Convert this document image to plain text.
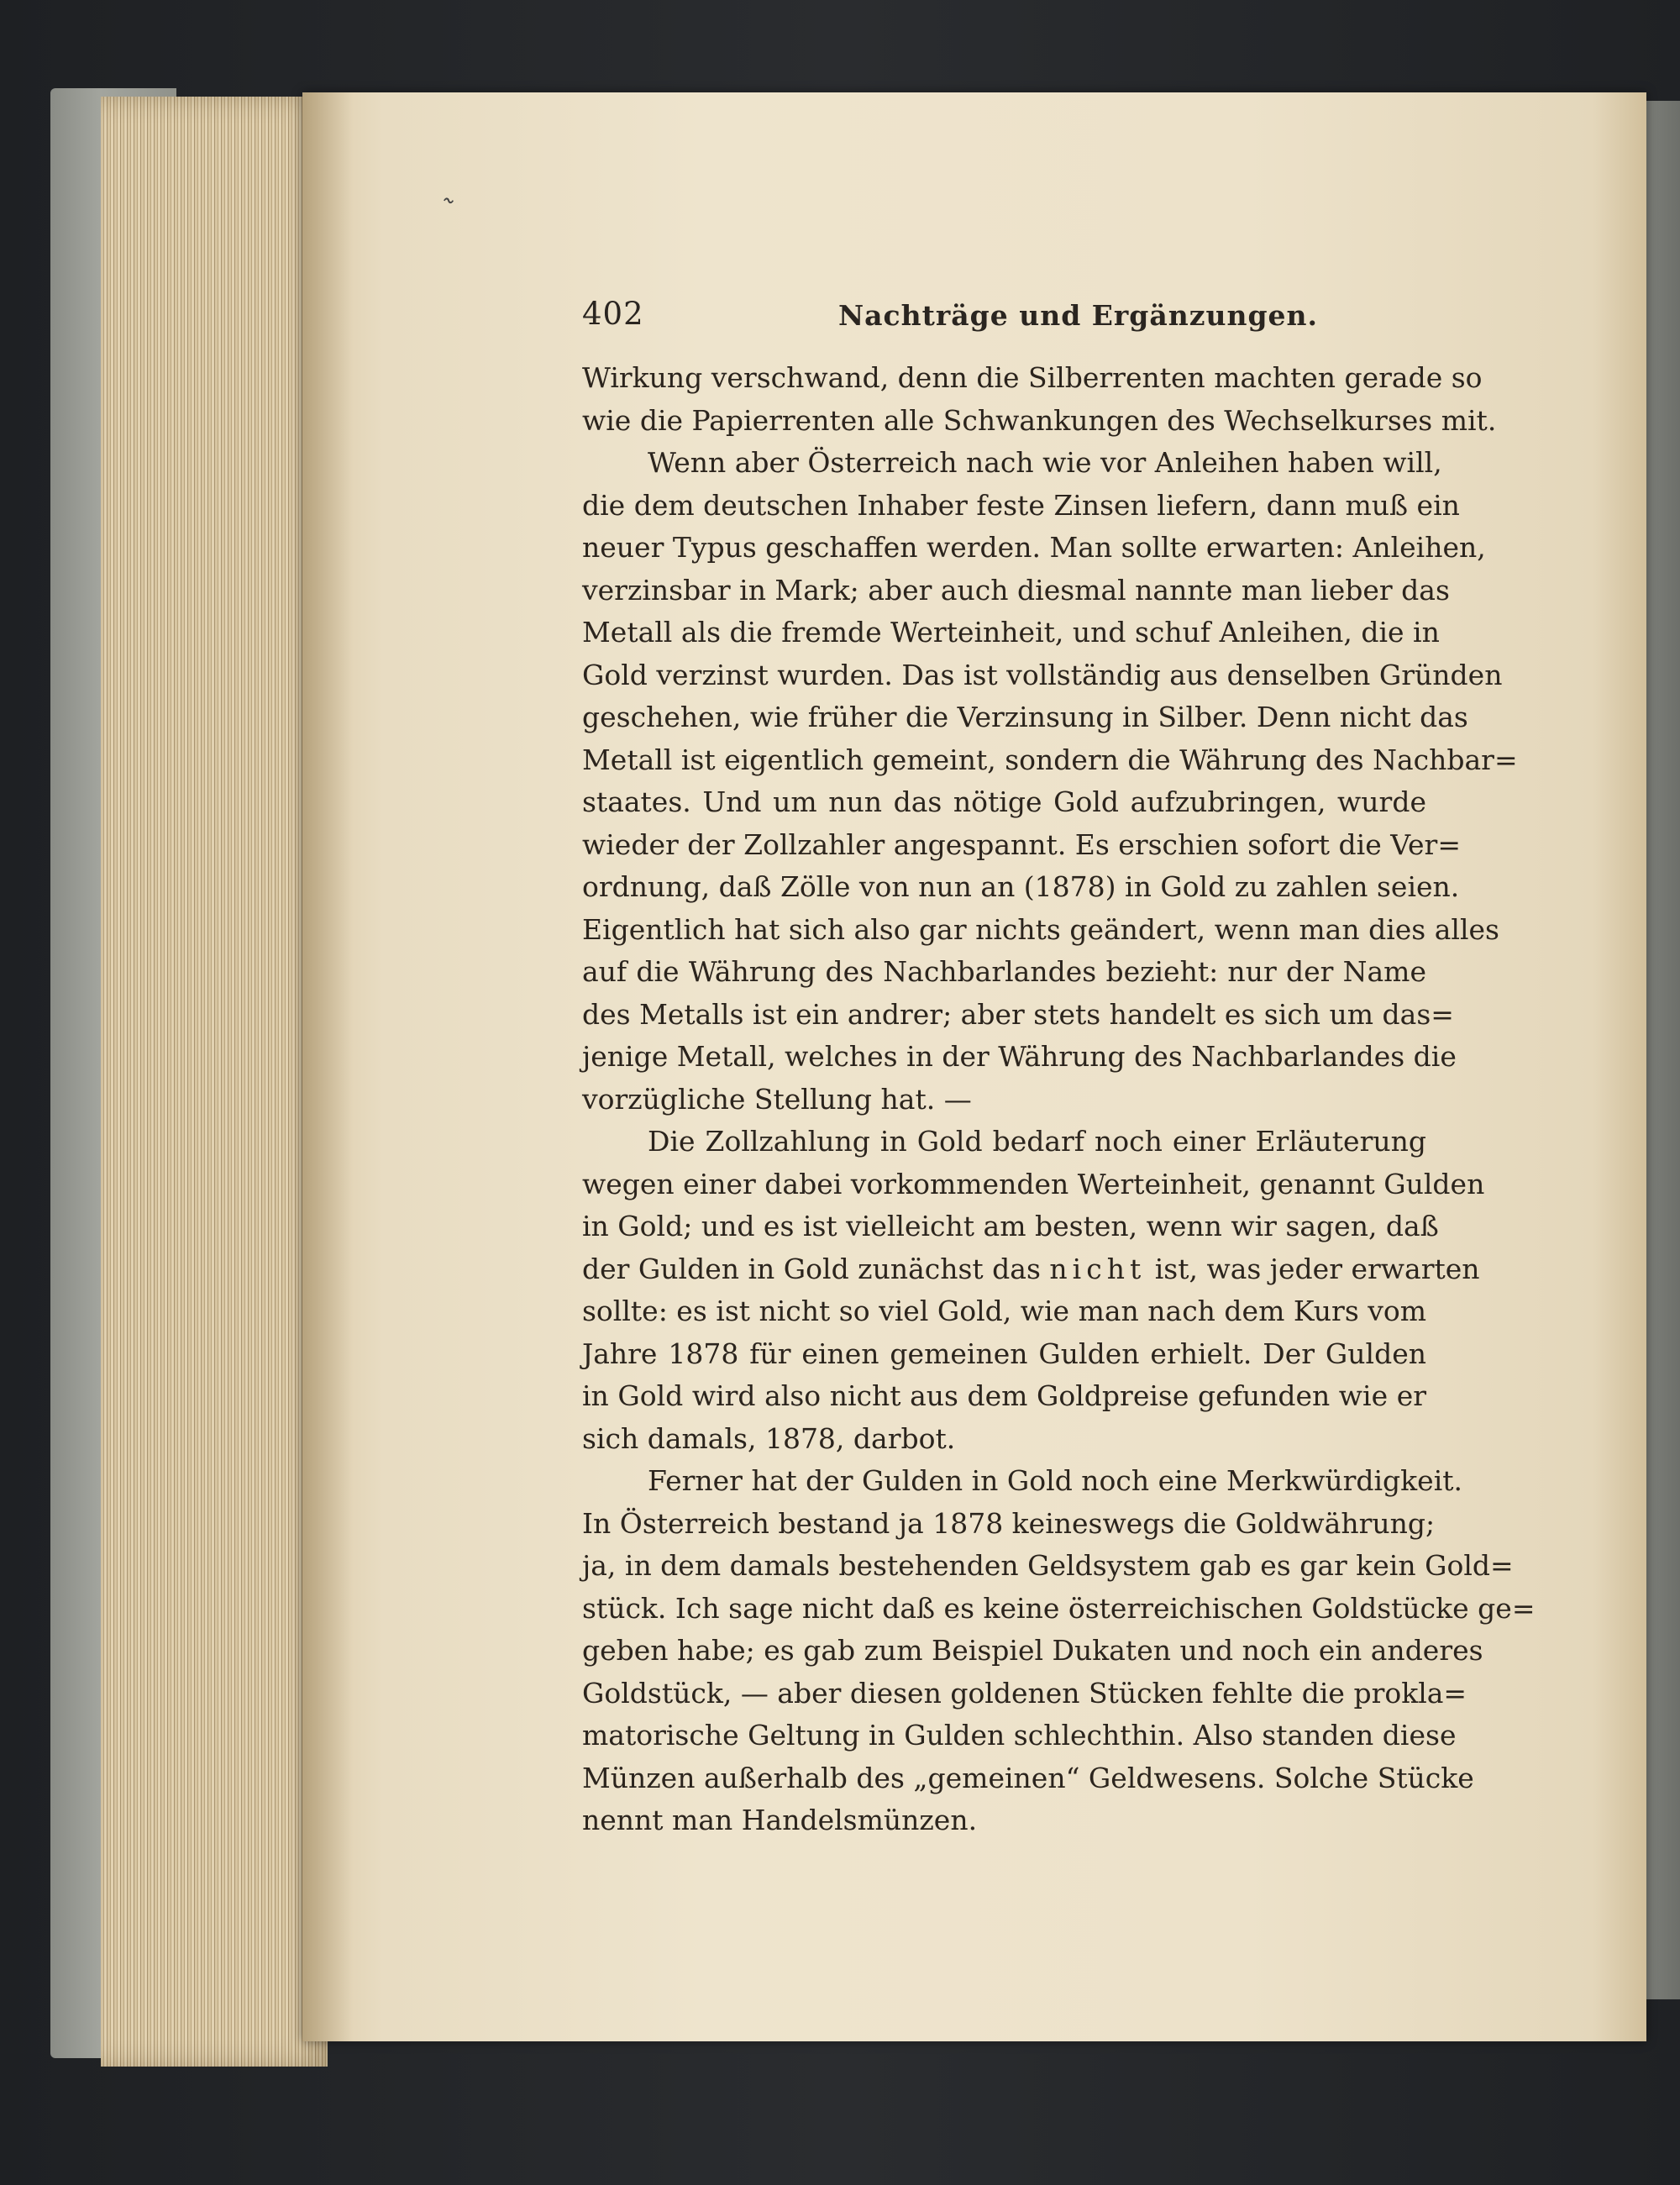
˷
402	Nachträge und Ergänzungen.
Wirkung verschwand, denn die Silberrenten machten gerade so
wie die Papierrenten alle Schwankungen des Wechselkurses mit.
Wenn aber Österreich nach wie vor Anleihen haben will,
die dem deutschen Inhaber feste Zinsen liefern, dann muß ein
neuer Typus geschaffen werden. Man sollte erwarten: Anleihen,
verzinsbar in Mark; aber auch diesmal nannte man lieber das
Metall als die fremde Werteinheit, und schuf Anleihen, die in
Gold verzinst wurden. Das ist vollständig aus denselben Gründen
geschehen, wie früher die Verzinsung in Silber. Denn nicht das
Metall ist eigentlich gemeint, sondern die Währung des Nachbar=
staates. Und um nun das nötige Gold aufzubringen, wurde
wieder der Zollzahler angespannt. Es erschien sofort die Ver=
ordnung, daß Zölle von nun an (1878) in Gold zu zahlen seien.
Eigentlich hat sich also gar nichts geändert, wenn man dies alles
auf die Währung des Nachbarlandes bezieht: nur der Name
des Metalls ist ein andrer; aber stets handelt es sich um das=
jenige Metall, welches in der Währung des Nachbarlandes die
vorzügliche Stellung hat. —
Die Zollzahlung in Gold bedarf noch einer Erläuterung
wegen einer dabei vorkommenden Werteinheit, genannt Gulden
in Gold; und es ist vielleicht am besten, wenn wir sagen, daß
der Gulden in Gold zunächst das nicht ist, was jeder erwarten
sollte: es ist nicht so viel Gold, wie man nach dem Kurs vom
Jahre 1878 für einen gemeinen Gulden erhielt. Der Gulden
in Gold wird also nicht aus dem Goldpreise gefunden wie er
sich damals, 1878, darbot.
Ferner hat der Gulden in Gold noch eine Merkwürdigkeit.
In Österreich bestand ja 1878 keineswegs die Goldwährung;
ja, in dem damals bestehenden Geldsystem gab es gar kein Gold=
stück. Ich sage nicht daß es keine österreichischen Goldstücke ge=
geben habe; es gab zum Beispiel Dukaten und noch ein anderes
Goldstück, — aber diesen goldenen Stücken fehlte die prokla=
matorische Geltung in Gulden schlechthin. Also standen diese
Münzen außerhalb des „gemeinen“ Geldwesens. Solche Stücke
nennt man Handelsmünzen.
